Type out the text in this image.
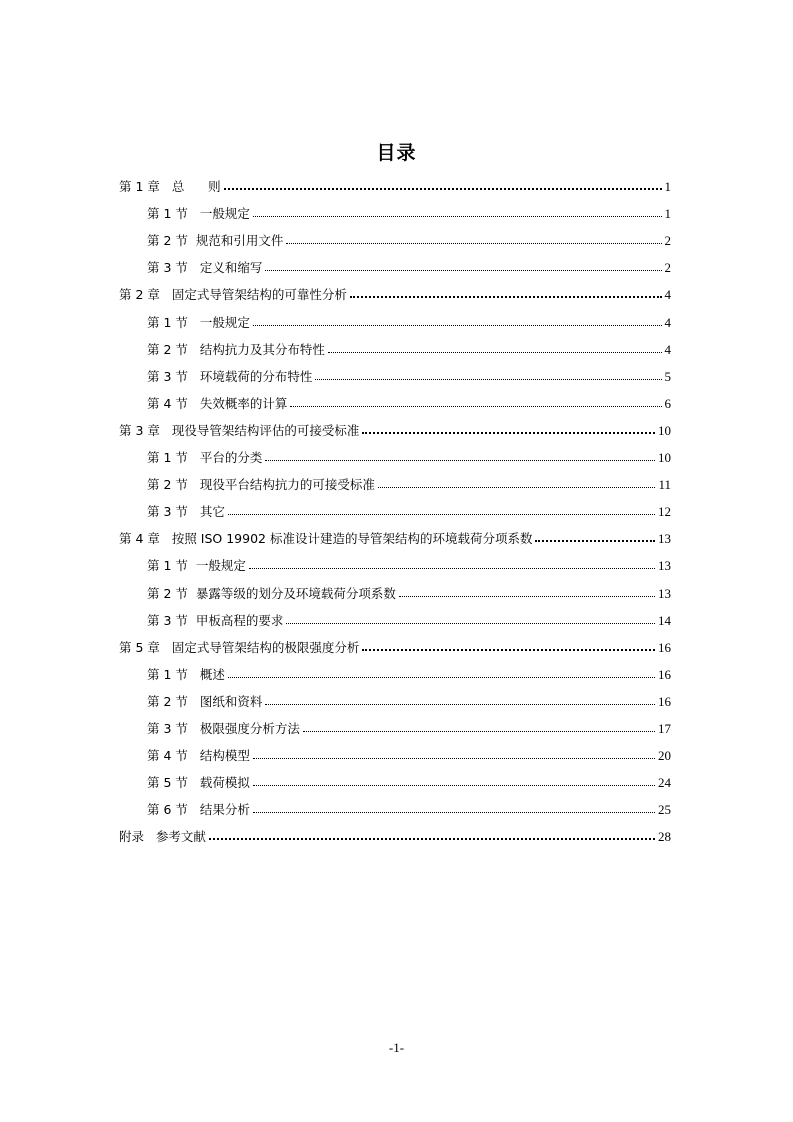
目录
第 1 章   总      则	1
第 1 节   一般规定	1
第 2 节  规范和引用文件	2
第 3 节   定义和缩写	2
第 2 章   固定式导管架结构的可靠性分析	4
第 1 节   一般规定	4
第 2 节   结构抗力及其分布特性	4
第 3 节   环境载荷的分布特性	5
第 4 节   失效概率的计算	6
第 3 章   现役导管架结构评估的可接受标准	10
第 1 节   平台的分类	10
第 2 节   现役平台结构抗力的可接受标准	11
第 3 节   其它	12
第 4 章   按照 ISO 19902 标准设计建造的导管架结构的环境载荷分项系数	13
第 1 节  一般规定	13
第 2 节  暴露等级的划分及环境载荷分项系数	13
第 3 节  甲板高程的要求	14
第 5 章   固定式导管架结构的极限强度分析	16
第 1 节   概述	16
第 2 节   图纸和资料	16
第 3 节   极限强度分析方法	17
第 4 节   结构模型	20
第 5 节   载荷模拟	24
第 6 节   结果分析	25
附录   参考文献	28
-1-
